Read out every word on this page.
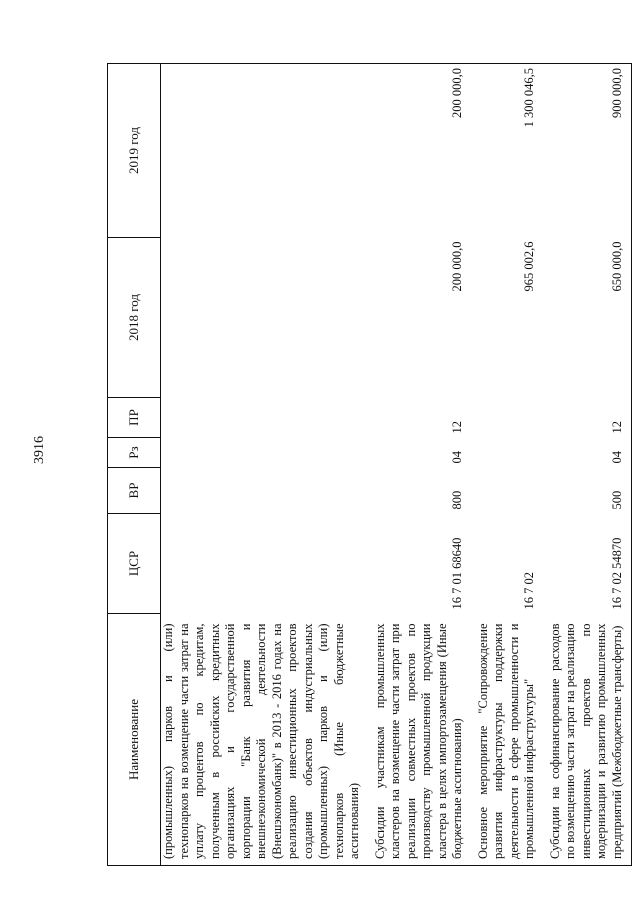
3916
Наименование	ЦСР	ВР	Рз	ПР	2018 год	2019 год
(промышленных) парков и (или) технопарков на возмещение части затрат на уплату процентов по кредитам, полученным в российских кредитных организациях и государственной корпорации "Банк развития и внешнеэкономической деятельности (Внешэкономбанк)" в 2013 - 2016 годах на реализацию инвестиционных проектов создания объектов индустриальных (промышленных) парков и (или) технопарков (Иные бюджетные ассигнования)						
Субсидии участникам промышленных кластеров на возмещение части затрат при реализации совместных проектов по производству промышленной продукции кластера в целях импортозамещения (Иные бюджетные ассигнования)	16 7 01 68640	800	04	12	200 000,0	200 000,0
Основное мероприятие "Сопровождение развития инфраструктуры поддержки деятельности в сфере промышленности и промышленной инфраструктуры"	16 7 02				965 002,6	1 300 046,5
Субсидии на софинансирование расходов по возмещению части затрат на реализацию инвестиционных проектов по модернизации и развитию промышленных предприятий (Межбюджетные трансферты)	16 7 02 54870	500	04	12	650 000,0	900 000,0
